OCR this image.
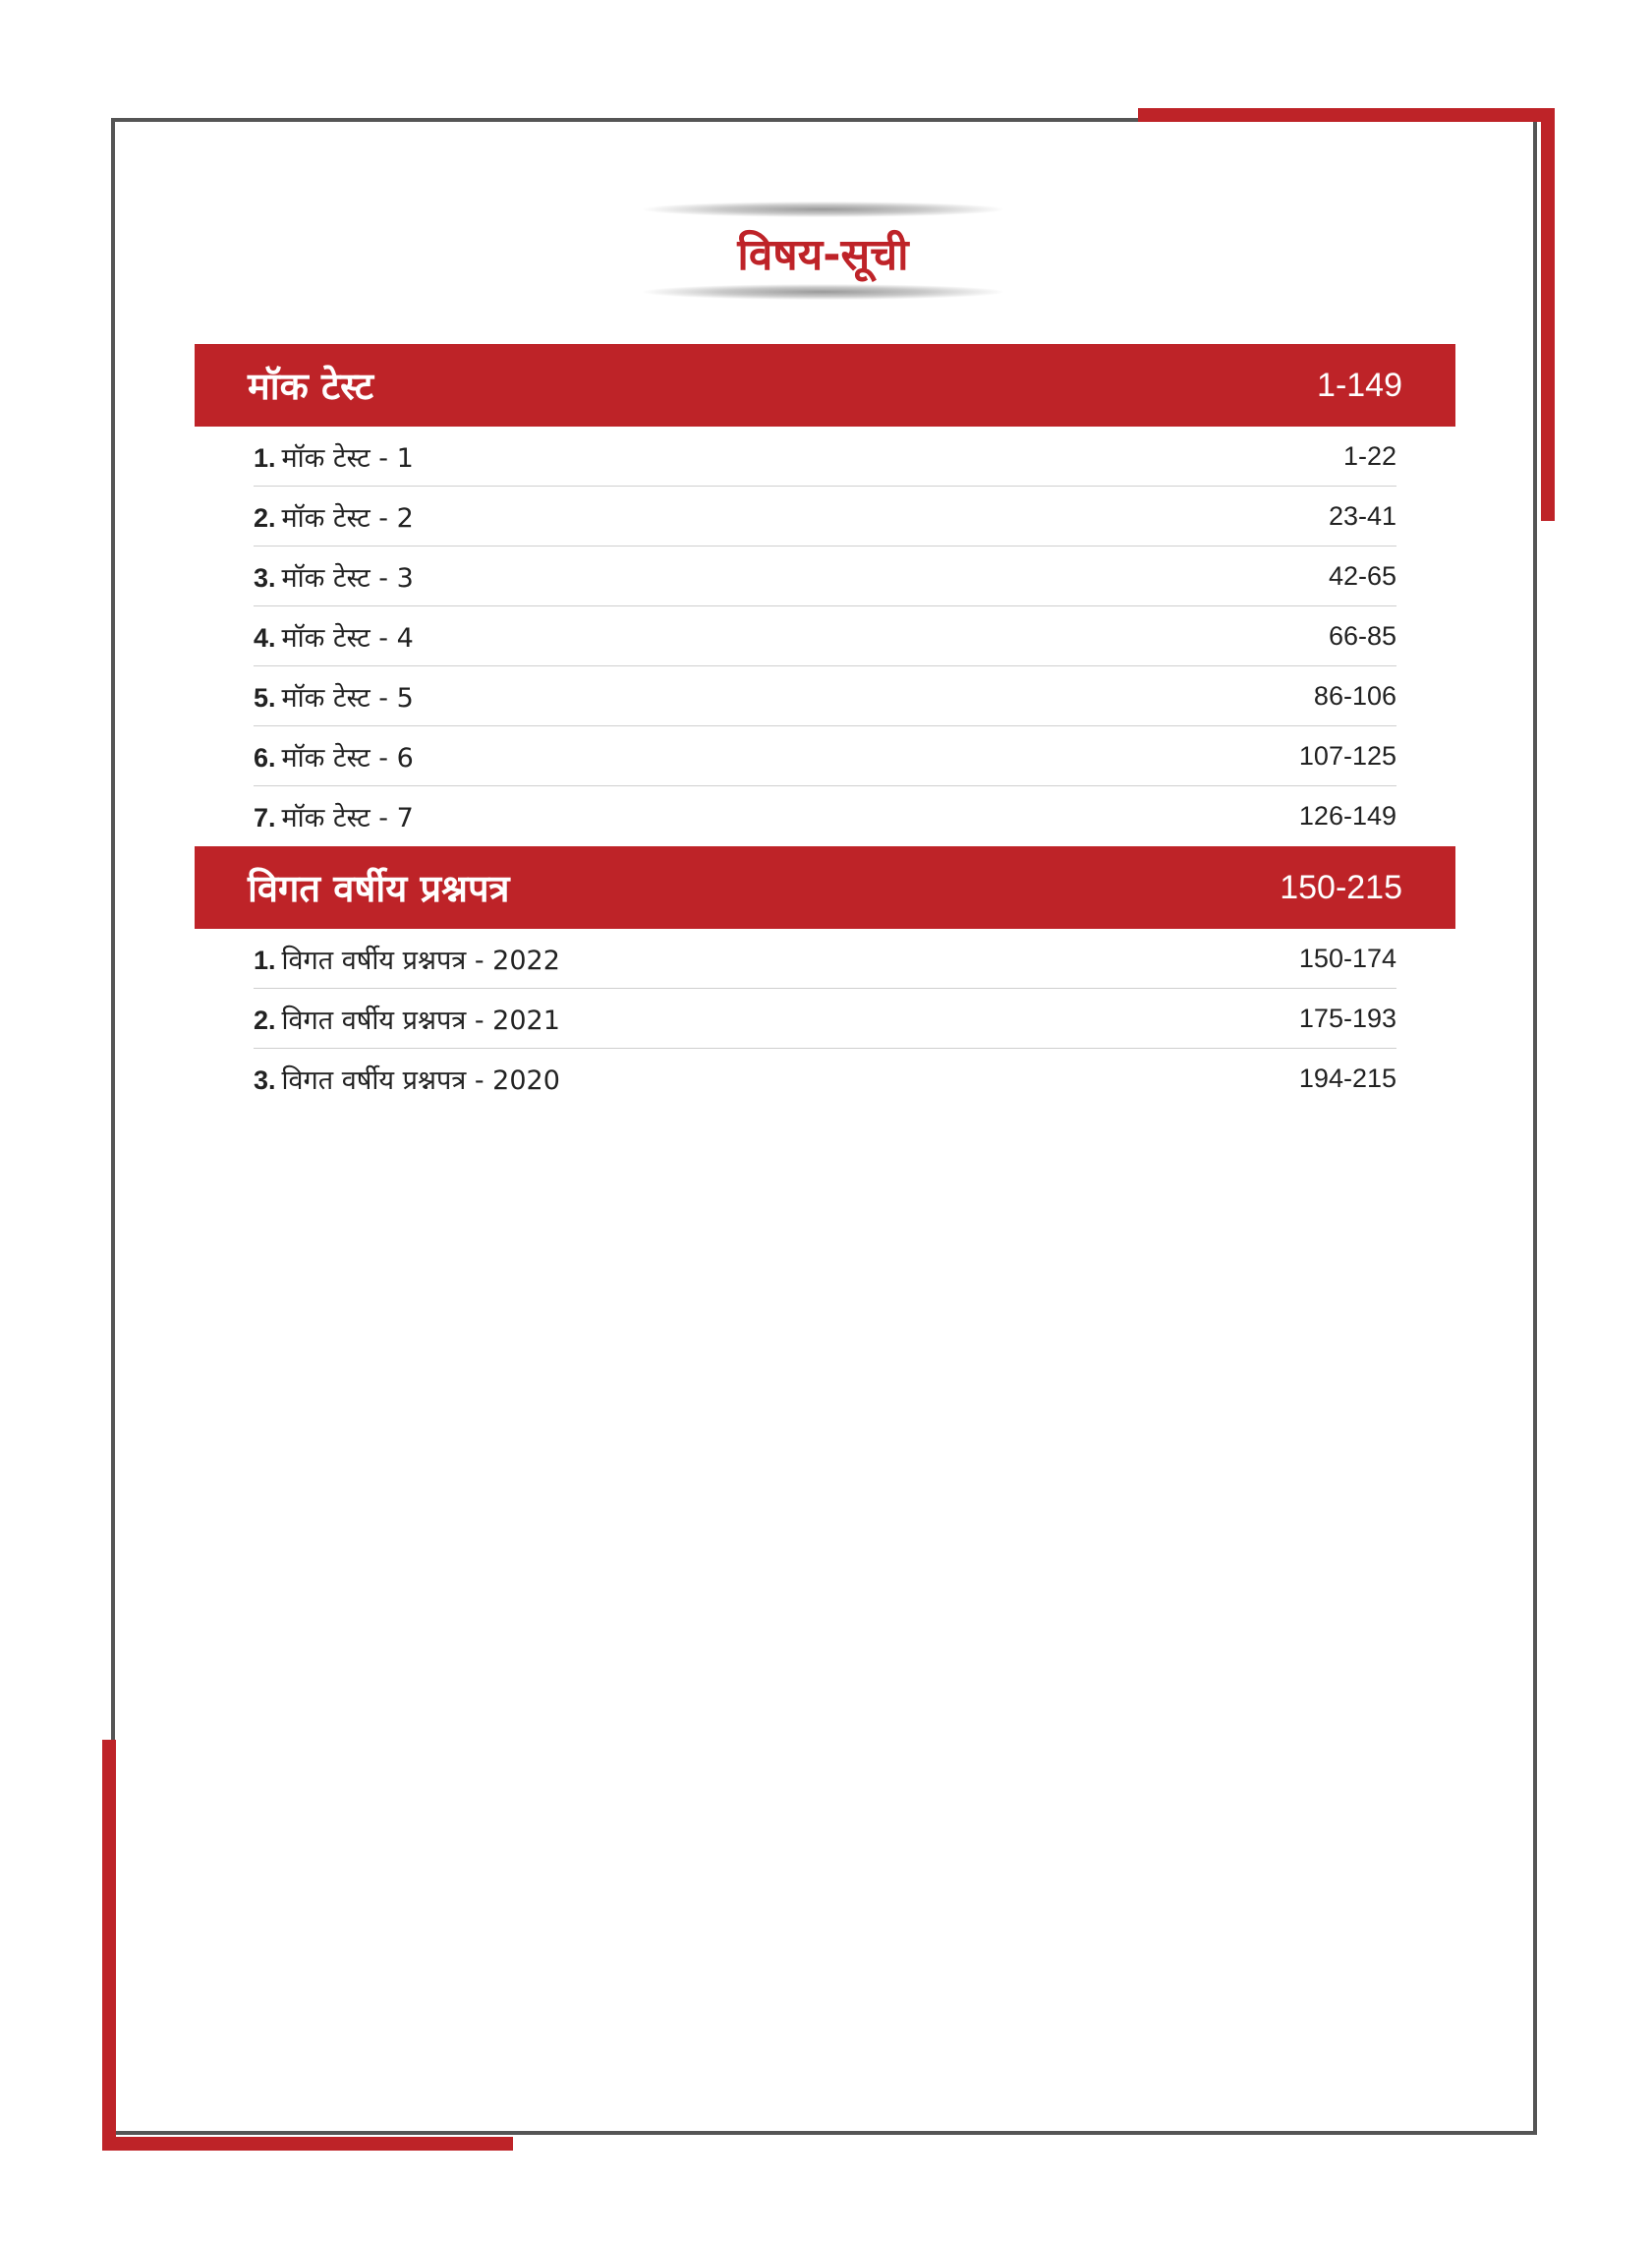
विषय-सूची
मॉक टेस्ट	1-149
1. मॉक टेस्ट - 1	1-22
2. मॉक टेस्ट - 2	23-41
3. मॉक टेस्ट - 3	42-65
4. मॉक टेस्ट - 4	66-85
5. मॉक टेस्ट - 5	86-106
6. मॉक टेस्ट - 6	107-125
7. मॉक टेस्ट - 7	126-149
विगत वर्षीय प्रश्नपत्र	150-215
1. विगत वर्षीय प्रश्नपत्र - 2022	150-174
2. विगत वर्षीय प्रश्नपत्र - 2021	175-193
3. विगत वर्षीय प्रश्नपत्र - 2020	194-215
